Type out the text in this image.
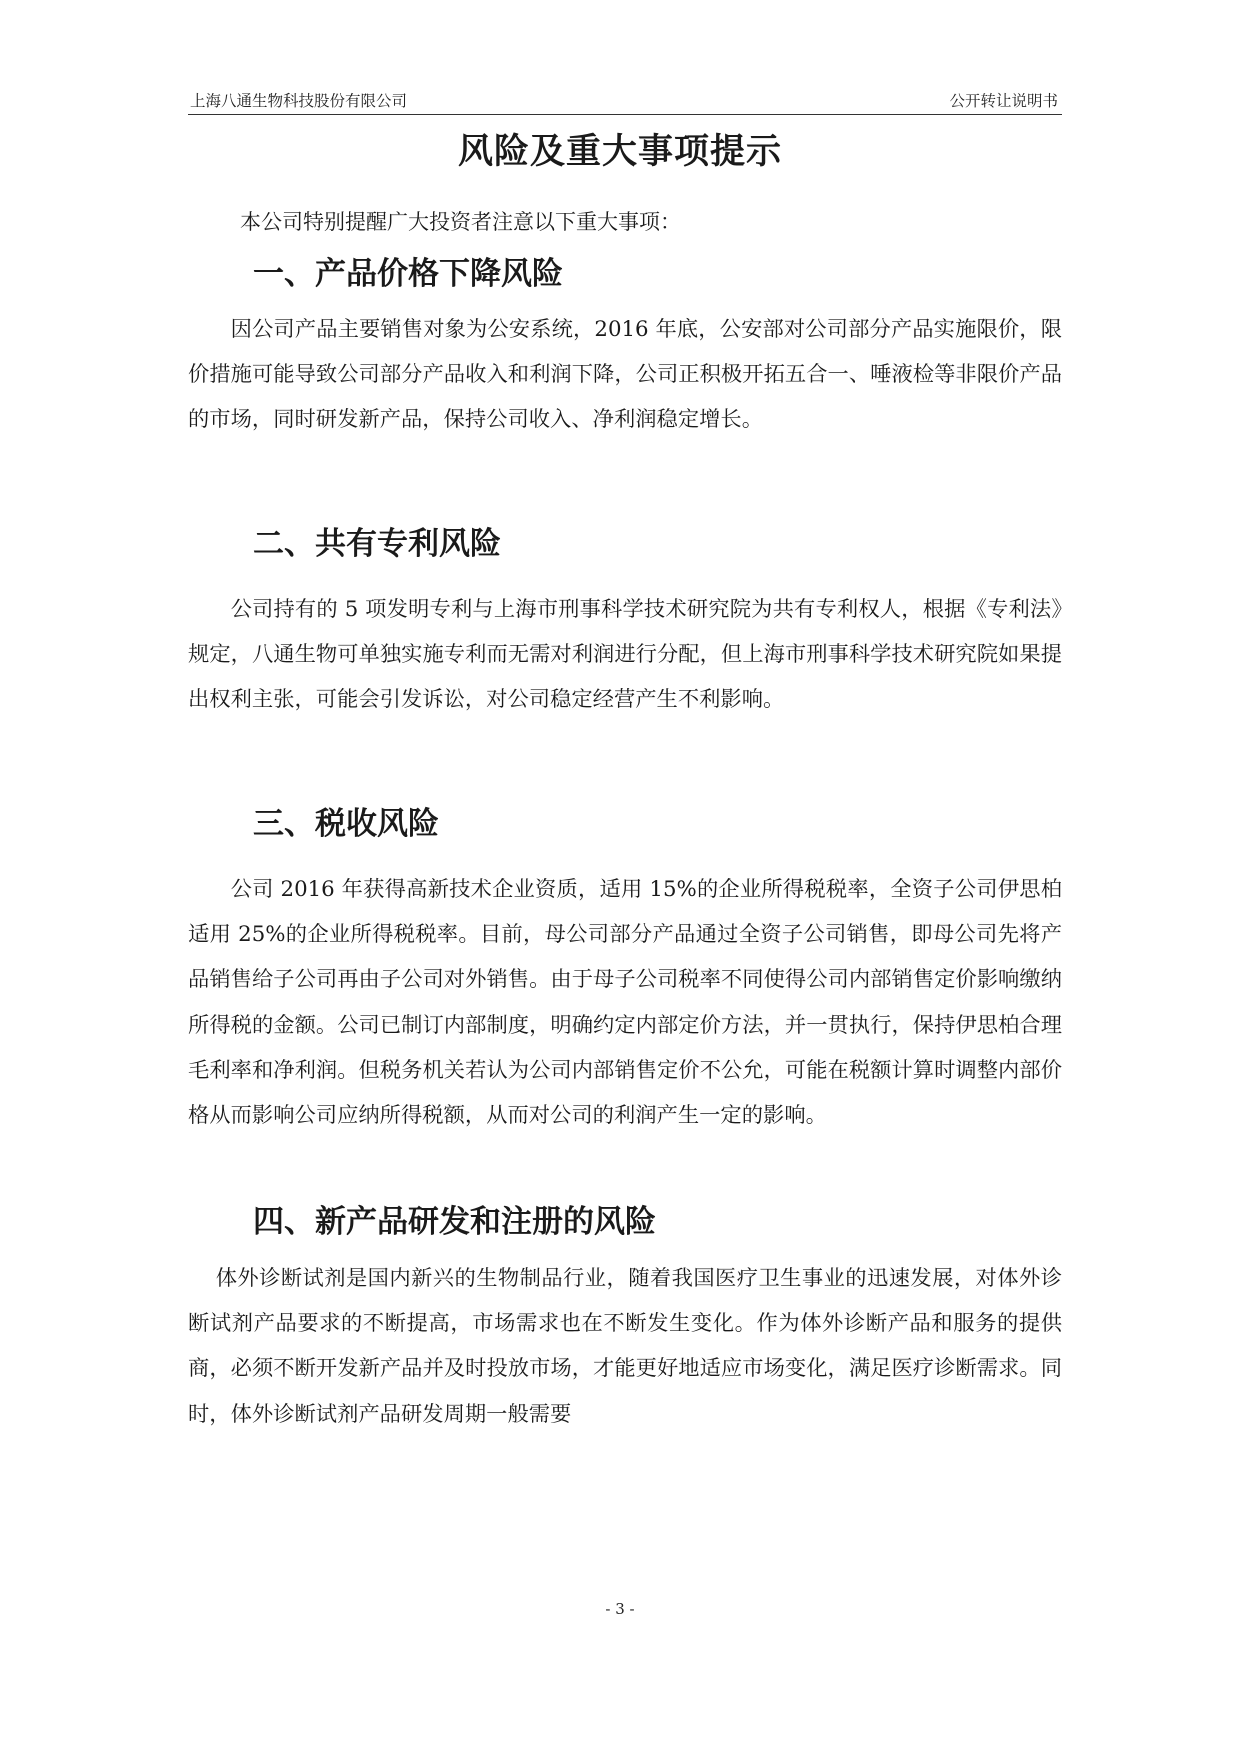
上海八通生物科技股份有限公司	公开转让说明书
风险及重大事项提示
本公司特别提醒广大投资者注意以下重大事项：
一、产品价格下降风险

因公司产品主要销售对象为公安系统，2016 年底，公安部对公司部分产品实施限价，限价措施可能导致公司部分产品收入和利润下降，公司正积极开拓五合一、唾液检等非限价产品的市场，同时研发新产品，保持公司收入、净利润稳定增长。

二、共有专利风险

公司持有的 5 项发明专利与上海市刑事科学技术研究院为共有专利权人，根据《专利法》规定，八通生物可单独实施专利而无需对利润进行分配，但上海市刑事科学技术研究院如果提出权利主张，可能会引发诉讼，对公司稳定经营产生不利影响。

三、税收风险

公司 2016 年获得高新技术企业资质，适用 15%的企业所得税税率，全资子公司伊思柏适用 25%的企业所得税税率。目前，母公司部分产品通过全资子公司销售，即母公司先将产品销售给子公司再由子公司对外销售。由于母子公司税率不同使得公司内部销售定价影响缴纳所得税的金额。公司已制订内部制度，明确约定内部定价方法，并一贯执行，保持伊思柏合理毛利率和净利润。但税务机关若认为公司内部销售定价不公允，可能在税额计算时调整内部价格从而影响公司应纳所得税额，从而对公司的利润产生一定的影响。

四、新产品研发和注册的风险

体外诊断试剂是国内新兴的生物制品行业，随着我国医疗卫生事业的迅速发展，对体外诊断试剂产品要求的不断提高，市场需求也在不断发生变化。作为体外诊断产品和服务的提供商，必须不断开发新产品并及时投放市场，才能更好地适应市场变化，满足医疗诊断需求。同时，体外诊断试剂产品研发周期一般需要

- 3 -
